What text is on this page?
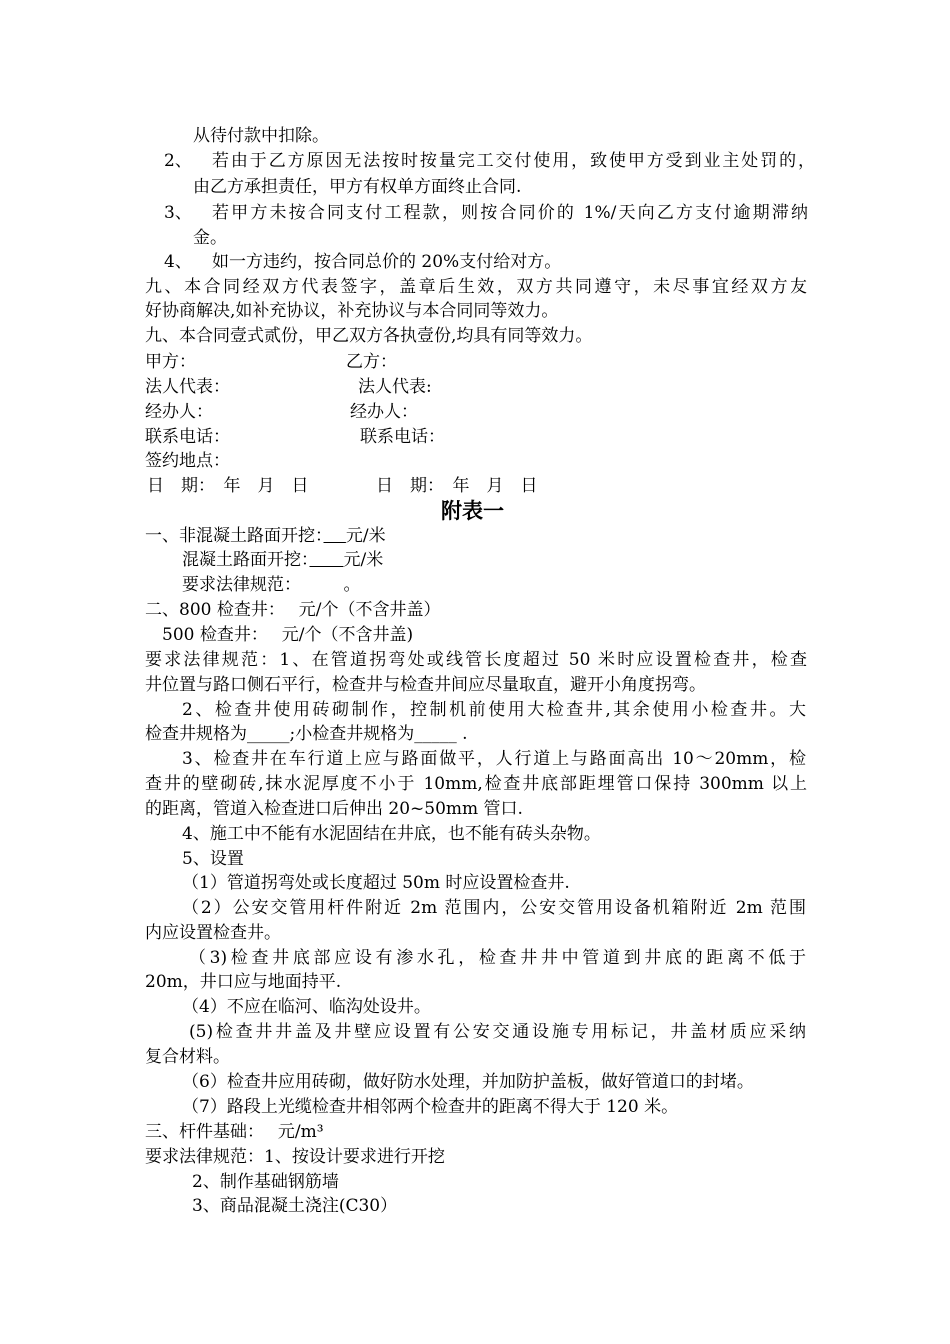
从待付款中扣除。
2、 若由于乙方原因无法按时按量完工交付使用，致使甲方受到业主处罚的，
由乙方承担责任，甲方有权单方面终止合同.
3、 若甲方未按合同支付工程款，则按合同价的 1%/天向乙方支付逾期滞纳
金。
4、 如一方违约，按合同总价的 20%支付给对方。
九、本合同经双方代表签字，盖章后生效，双方共同遵守，未尽事宜经双方友
好协商解决,如补充协议，补充协议与本合同同等效力。
九、本合同壹式贰份，甲乙双方各执壹份,均具有同等效力。
甲方：	乙方：
法人代表：	法人代表:
经办人：	经办人：
联系电话：	联系电话：
签约地点：
日　期：　年　月　日	日　期：　年　月　日
附表一
一、非混凝土路面开挖：　 元/米
混凝土路面开挖：　　 元/米
要求法律规范：　　　。
二、800 检查井：　 元/个（不含井盖）
500 检查井：　 元/个（不含井盖)
要求法律规范：1、在管道拐弯处或线管长度超过 50 米时应设置检查井，检查
井位置与路口侧石平行，检查井与检查井间应尽量取直，避开小角度拐弯。
2、检查井使用砖砌制作，控制机前使用大检查井,其余使用小检查井。大
检查井规格为_____;小检查井规格为_____ .
3、检查井在车行道上应与路面做平，人行道上与路面高出 10～20mm，检
查井的壁砌砖,抹水泥厚度不小于 10mm,检查井底部距埋管口保持 300mm 以上
的距离，管道入检查进口后伸出 20~50mm 管口.
4、施工中不能有水泥固结在井底，也不能有砖头杂物。
5、设置
（1）管道拐弯处或长度超过 50m 时应设置检查井.
（2）公安交管用杆件附近 2m 范围内，公安交管用设备机箱附近 2m 范围
内应设置检查井。
（3)检查井底部应设有渗水孔，检查井井中管道到井底的距离不低于
20m，井口应与地面持平.
（4）不应在临河、临沟处设井。
(5)检查井井盖及井壁应设置有公安交通设施专用标记，井盖材质应采纳
复合材料。
（6）检查井应用砖砌，做好防水处理，并加防护盖板，做好管道口的封堵。
（7）路段上光缆检查井相邻两个检查井的距离不得大于 120 米。
三、杆件基础：　 元/m³
要求法律规范：1、按设计要求进行开挖
2、制作基础钢筋墙
3、商品混凝土浇注(C30）
